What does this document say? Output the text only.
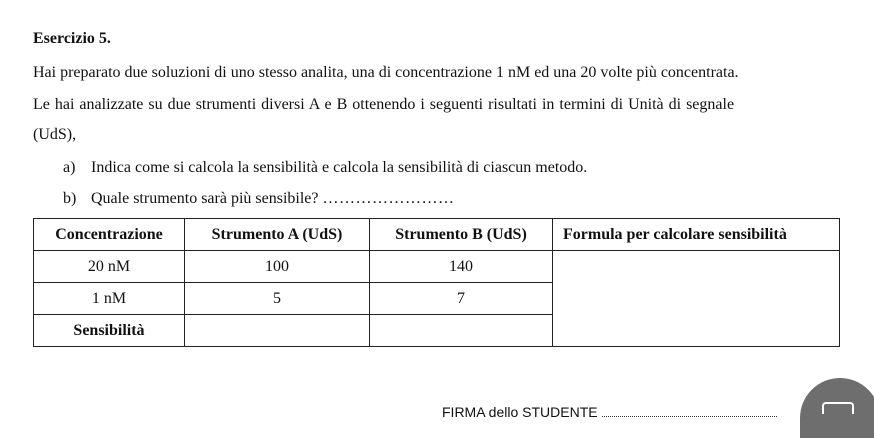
Esercizio 5.
Hai preparato due soluzioni di uno stesso analita, una di concentrazione 1 nM ed una 20 volte più concentrata.
Le hai analizzate su due strumenti diversi A e B ottenendo i seguenti risultati in termini di Unità di segnale
(UdS),
a) Indica come si calcola la sensibilità e calcola la sensibilità di ciascun metodo.
b) Quale strumento sarà più sensibile? ……………………
Concentrazione	Strumento A (UdS)	Strumento B (UdS)	Formula per calcolare sensibilità
20 nM	100	140	
1 nM	5	7	
Sensibilità			
FIRMA dello STUDENTE
